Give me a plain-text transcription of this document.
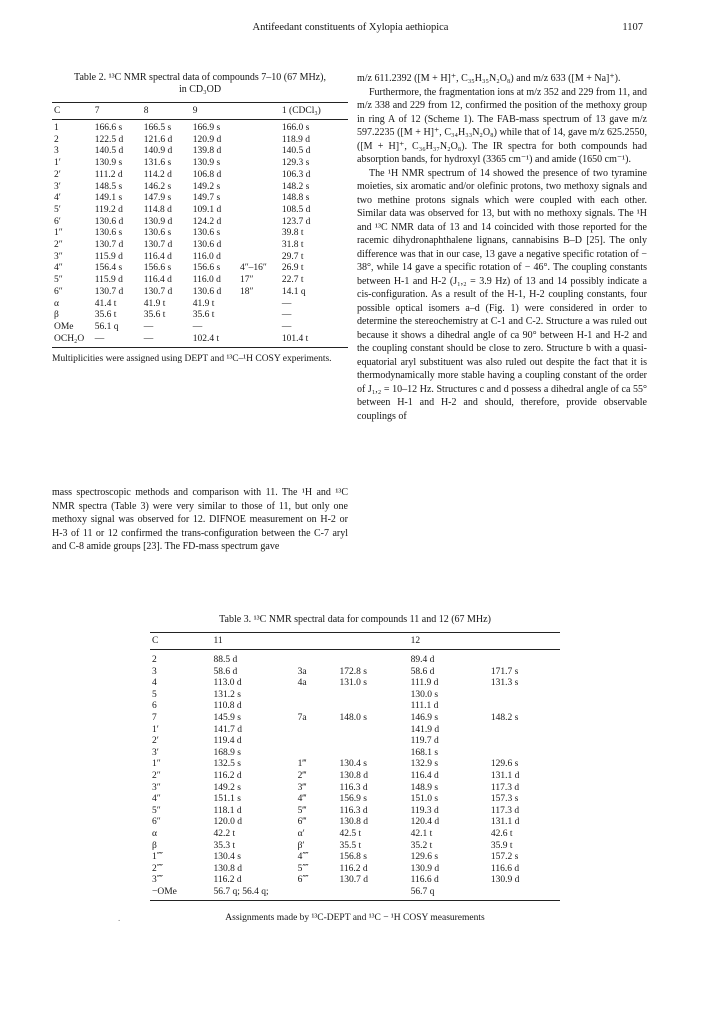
Antifeedant constituents of Xylopia aethiopica	1107
Table 2. ¹³C NMR spectral data of compounds 7–10 (67 MHz),
in CD₃OD
C	7	8	9		1 (CDCl₃)
1	166.6 s	166.5 s	166.9 s		166.0 s
2	122.5 d	121.6 d	120.9 d		118.9 d
3	140.5 d	140.9 d	139.8 d		140.5 d
1′	130.9 s	131.6 s	130.9 s		129.3 s
2′	111.2 d	114.2 d	106.8 d		106.3 d
3′	148.5 s	146.2 s	149.2 s		148.2 s
4′	149.1 s	147.9 s	149.7 s		148.8 s
5′	119.2 d	114.8 d	109.1 d		108.5 d
6′	130.6 d	130.9 d	124.2 d		123.7 d
1″	130.6 s	130.6 s	130.6 s		39.8 t
2″	130.7 d	130.7 d	130.6 d		31.8 t
3″	115.9 d	116.4 d	116.0 d		29.7 t
4″	156.4 s	156.6 s	156.6 s	4″–16″	26.9 t
5″	115.9 d	116.4 d	116.0 d	17″	22.7 t
6″	130.7 d	130.7 d	130.6 d	18″	14.1 q
α	41.4 t	41.9 t	41.9 t		—
β	35.6 t	35.6 t	35.6 t		—
OMe	56.1 q	—	—		—
OCH₂O	—	—	102.4 t		101.4 t
Multiplicities were assigned using DEPT and ¹³C–¹H COSY experiments.

m/z 611.2392 ([M + H]⁺, C₃₅H₃₅N₂O₈) and m/z 633 ([M + Na]⁺).

Furthermore, the fragmentation ions at m/z 352 and 229 from 11, and m/z 338 and 229 from 12, confirmed the position of the methoxy group in ring A of 12 (Scheme 1). The FAB-mass spectrum of 13 gave m/z 597.2235 ([M + H]⁺, C₃₄H₃₃N₂O₈) while that of 14, gave m/z 625.2550, ([M + H]⁺, C₃₆H₃₇N₂O₈). The IR spectra for both compounds had absorption bands, for hydroxyl (3365 cm⁻¹) and amide (1650 cm⁻¹).

The ¹H NMR spectrum of 14 showed the presence of two tyramine moieties, six aromatic and/or olefinic protons, two methoxy signals and two methine protons signals which were coupled with each other. Similar data was observed for 13, but with no methoxy signals. The ¹H and ¹³C NMR data of 13 and 14 coincided with those reported for the racemic dihydronaphthalene lignans, cannabisins B–D [25]. The only difference was that in our case, 13 gave a negative specific rotation of − 38°, while 14 gave a specific rotation of − 46°. The coupling constants between H-1 and H-2 (J₁,₂ = 3.9 Hz) of 13 and 14 possibly indicate a cis-configuration. As a result of the H-1, H-2 coupling constants, four possible optical isomers a–d (Fig. 1) were considered in order to determine the stereochemistry at C-1 and C-2. Structure a was ruled out because it shows a dihedral angle of ca 90° between H-1 and H-2 and the coupling constant should be close to zero. Structure b with a quasi-equatorial aryl substituent was also ruled out despite the fact that it is thermodynamically more stable having a coupling constant of the order of J₁,₂ = 10–12 Hz. Structures c and d possess a dihedral angle of ca 55° between H-1 and H-2 and should, therefore, provide observable couplings of

mass spectroscopic methods and comparison with 11. The ¹H and ¹³C NMR spectra (Table 3) were very similar to those of 11, but only one methoxy signal was observed for 12. DIFNOE measurement on H-2 or H-3 of 11 or 12 confirmed the trans-configuration between the C-7 aryl and C-8 amide groups [23]. The FD-mass spectrum gave

Table 3. ¹³C NMR spectral data for compounds 11 and 12 (67 MHz)
C	11			12	
2	88.5 d			89.4 d	
3	58.6 d	3a	172.8 s	58.6 d	171.7 s
4	113.0 d	4a	131.0 s	111.9 d	131.3 s
5	131.2 s			130.0 s	
6	110.8 d			111.1 d	
7	145.9 s	7a	148.0 s	146.9 s	148.2 s
1′	141.7 d			141.9 d	
2′	119.4 d			119.7 d	
3′	168.9 s			168.1 s	
1″	132.5 s	1‴	130.4 s	132.9 s	129.6 s
2″	116.2 d	2‴	130.8 d	116.4 d	131.1 d
3″	149.2 s	3‴	116.3 d	148.9 s	117.3 d
4″	151.1 s	4‴	156.9 s	151.0 s	157.3 s
5″	118.1 d	5‴	116.3 d	119.3 d	117.3 d
6″	120.0 d	6‴	130.8 d	120.4 d	131.1 d
α	42.2 t	α′	42.5 t	42.1 t	42.6 t
β	35.3 t	β′	35.5 t	35.2 t	35.9 t
1⁗	130.4 s	4⁗	156.8 s	129.6 s	157.2 s
2⁗	130.8 d	5⁗	116.2 d	130.9 d	116.6 d
3⁗	116.2 d	6⁗	130.7 d	116.6 d	130.9 d
−OMe	56.7 q; 56.4 q;			56.7 q	
Assignments made by ¹³C-DEPT and ¹³C − ¹H COSY measurements
.
